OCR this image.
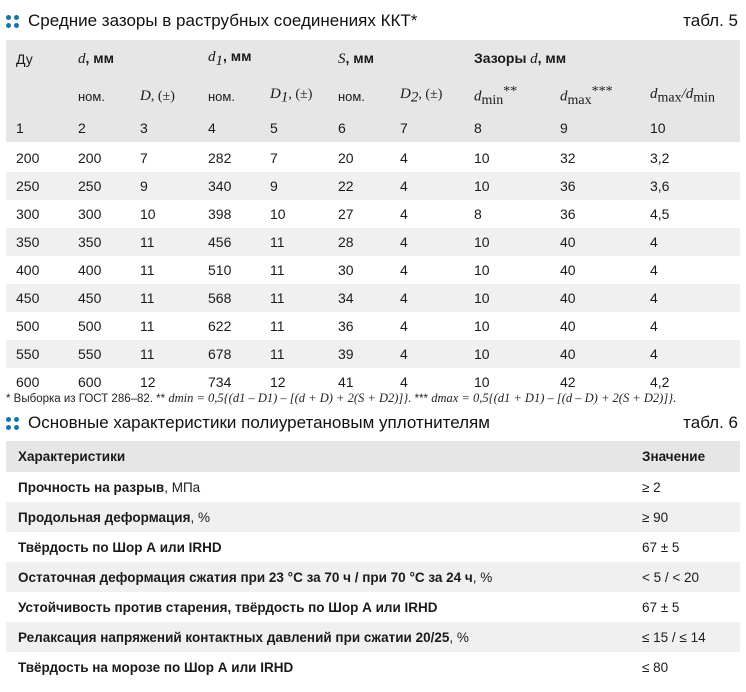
Средние зазоры в раструбных соединениях ККТ*	табл. 5
Ду	d, мм		$d_1$, мм		S, мм		Зазоры d, мм		
	ном.	D, (±)	ном.	$D_1$, (±)	ном.	$D_2$, (±)	$d_{min}^{**}$	$d_{max}^{***}$	$d_{max}/d_{min}$
1	2	3	4	5	6	7	8	9	10
200	200	7	282	7	20	4	10	32	3,2
250	250	9	340	9	22	4	10	36	3,6
300	300	10	398	10	27	4	8	36	4,5
350	350	11	456	11	28	4	10	40	4
400	400	11	510	11	30	4	10	40	4
450	450	11	568	11	34	4	10	40	4
500	500	11	622	11	36	4	10	40	4
550	550	11	678	11	39	4	10	40	4
600	600	12	734	12	41	4	10	42	4,2
* Выборка из ГОСТ 286–82. ** dmin = 0,5{(d1 – D1) – [(d + D) + 2(S + D2)]}. *** dmax = 0,5{(d1 + D1) – [(d – D) + 2(S + D2)]}.
Основные характеристики полиуретановым уплотнителям	табл. 6
Характеристики	Значение
Прочность на разрыв, МПа	≥ 2
Продольная деформация, %	≥ 90
Твёрдость по Шор А или IRHD	67 ± 5
Остаточная деформация сжатия при 23 °C за 70 ч / при 70 °C за 24 ч, %	< 5 / < 20
Устойчивость против старения, твёрдость по Шор А или IRHD	67 ± 5
Релаксация напряжений контактных давлений при сжатии 20/25, %	≤ 15 / ≤ 14
Твёрдость на морозе по Шор А или IRHD	≤ 80
